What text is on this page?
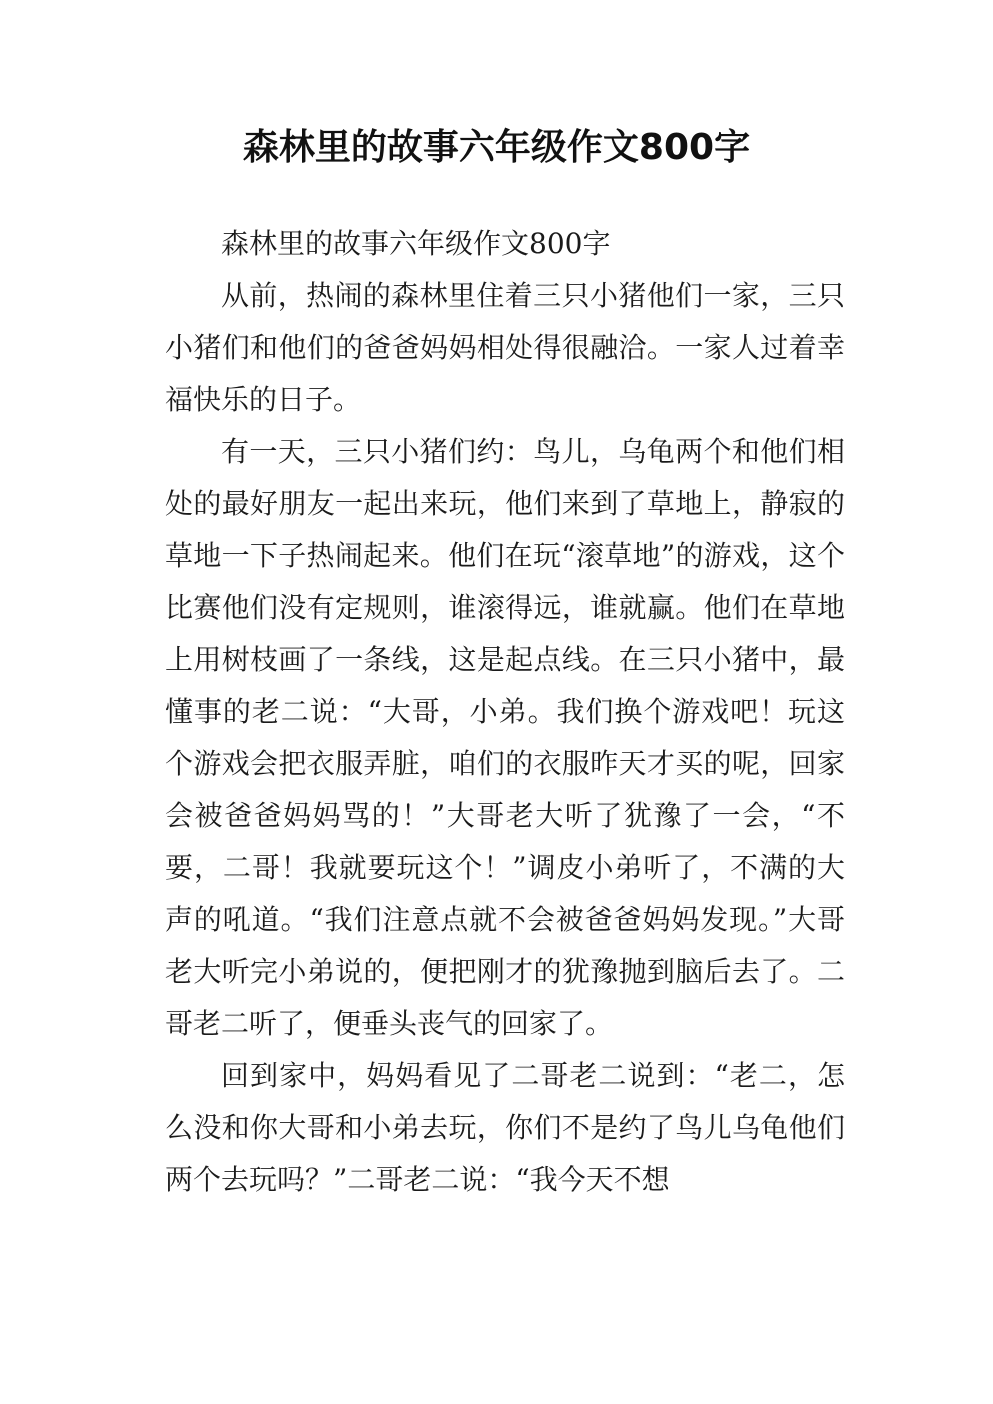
森林里的故事六年级作文800字

森林里的故事六年级作文800字

从前，热闹的森林里住着三只小猪他们一家，三只小猪们和他们的爸爸妈妈相处得很融洽。一家人过着幸福快乐的日子。

有一天，三只小猪们约：鸟儿，乌龟两个和他们相处的最好朋友一起出来玩，他们来到了草地上，静寂的草地一下子热闹起来。他们在玩“滚草地”的游戏，这个比赛他们没有定规则，谁滚得远，谁就赢。他们在草地上用树枝画了一条线，这是起点线。在三只小猪中，最懂事的老二说：“大哥，小弟。我们换个游戏吧！玩这个游戏会把衣服弄脏，咱们的衣服昨天才买的呢，回家会被爸爸妈妈骂的！”大哥老大听了犹豫了一会，“不要，二哥！我就要玩这个！”调皮小弟听了，不满的大声的吼道。“我们注意点就不会被爸爸妈妈发现。”大哥老大听完小弟说的，便把刚才的犹豫抛到脑后去了。二哥老二听了，便垂头丧气的回家了。

回到家中，妈妈看见了二哥老二说到：“老二，怎么没和你大哥和小弟去玩，你们不是约了鸟儿乌龟他们两个去玩吗？”二哥老二说：“我今天不想
